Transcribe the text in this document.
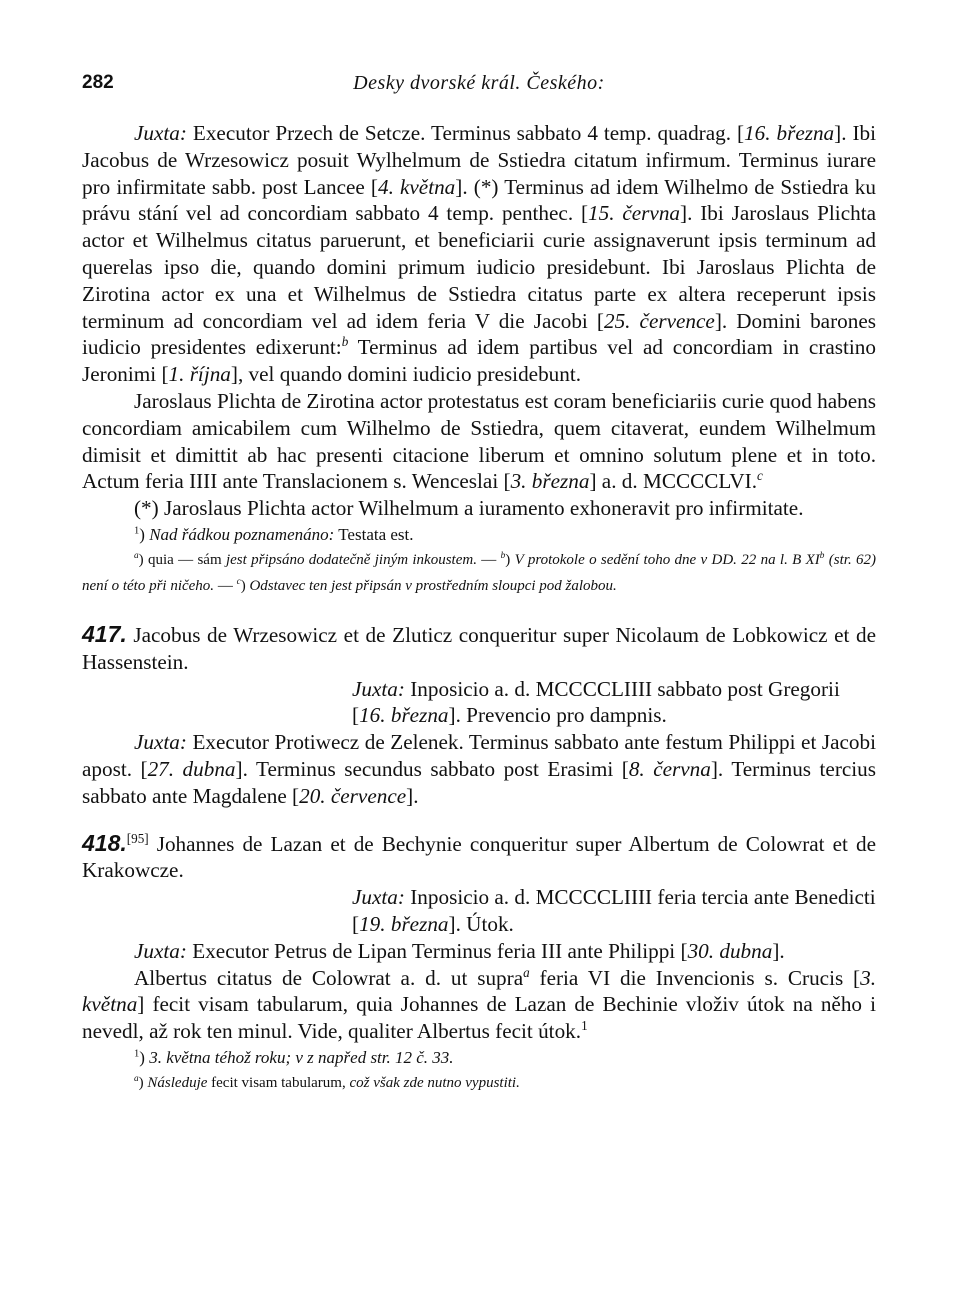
282	Desky dvorské král. Českého:

Juxta: Executor Przech de Setcze. Terminus sabbato 4 temp. quadrag. [16. března]. Ibi Jacobus de Wrzesowicz posuit Wylhelmum de Sstiedra citatum infirmum. Terminus iurare pro infirmitate sabb. post Lancee [4. května]. (*) Terminus ad idem Wilhelmo de Sstiedra ku právu stání vel ad concordiam sabbato 4 temp. penthec. [15. června]. Ibi Jaroslaus Plichta actor et Wilhelmus citatus paruerunt, et beneficiarii curie assignaverunt ipsis terminum ad querelas ipso die, quando domini primum iudicio presidebunt. Ibi Jaroslaus Plichta de Zirotina actor ex una et Wilhelmus de Sstiedra citatus parte ex altera receperunt ipsis terminum ad concordiam vel ad idem feria V die Jacobi [25. července]. Domini barones iudicio presidentes edixerunt:$^b$ Terminus ad idem partibus vel ad concordiam in crastino Jeronimi [1. října], vel quando domini iudicio presidebunt.

Jaroslaus Plichta de Zirotina actor protestatus est coram beneficiariis curie quod habens concordiam amicabilem cum Wilhelmo de Sstiedra, quem citaverat, eundem Wilhelmum dimisit et dimittit ab hac presenti citacione liberum et omnino solutum plene et in toto. Actum feria IIII ante Translacionem s. Wenceslai [3. března] a. d. MCCCCLVI.$^c$

(*) Jaroslaus Plichta actor Wilhelmum a iuramento exhoneravit pro infirmitate.

$^1$) Nad řádkou poznamenáno: Testata est.

$^a$) quia — sám jest připsáno dodatečně jiným inkoustem. — $^b$) V protokole o sedění toho dne v DD. 22 na l. B $XI^b$ (str. 62) není o této při ničeho. — $^c$) Odstavec ten jest připsán v prostředním sloupci pod žalobou.

417. Jacobus de Wrzesowicz et de Zluticz conqueritur super Nicolaum de Lobkowicz et de Hassenstein.

Juxta: Inposicio a. d. MCCCCLIIII sabbato post Gregorii [16. března]. Prevencio pro dampnis.

Juxta: Executor Protiwecz de Zelenek. Terminus sabbato ante festum Philippi et Jacobi apost. [27. dubna]. Terminus secundus sabbato post Erasimi [8. června]. Terminus tercius sabbato ante Magdalene [20. července].

418.[95] Johannes de Lazan et de Bechynie conqueritur super Albertum de Colowrat et de Krakowcze.

Juxta: Inposicio a. d. MCCCCLIIII feria tercia ante Benedicti [19. března]. Útok.

Juxta: Executor Petrus de Lipan Terminus feria III ante Philippi [30. dubna].

Albertus citatus de Colowrat a. d. ut supra$^a$ feria VI die Invencionis s. Crucis [3. května] fecit visam tabularum, quia Johannes de Lazan de Bechinie vloživ útok na něho i nevedl, až rok ten minul. Vide, qualiter Albertus fecit útok.$^1$

$^1$) 3. května téhož roku; v z napřed str. 12 č. 33.

$^a$) Následuje fecit visam tabularum, což však zde nutno vypustiti.
